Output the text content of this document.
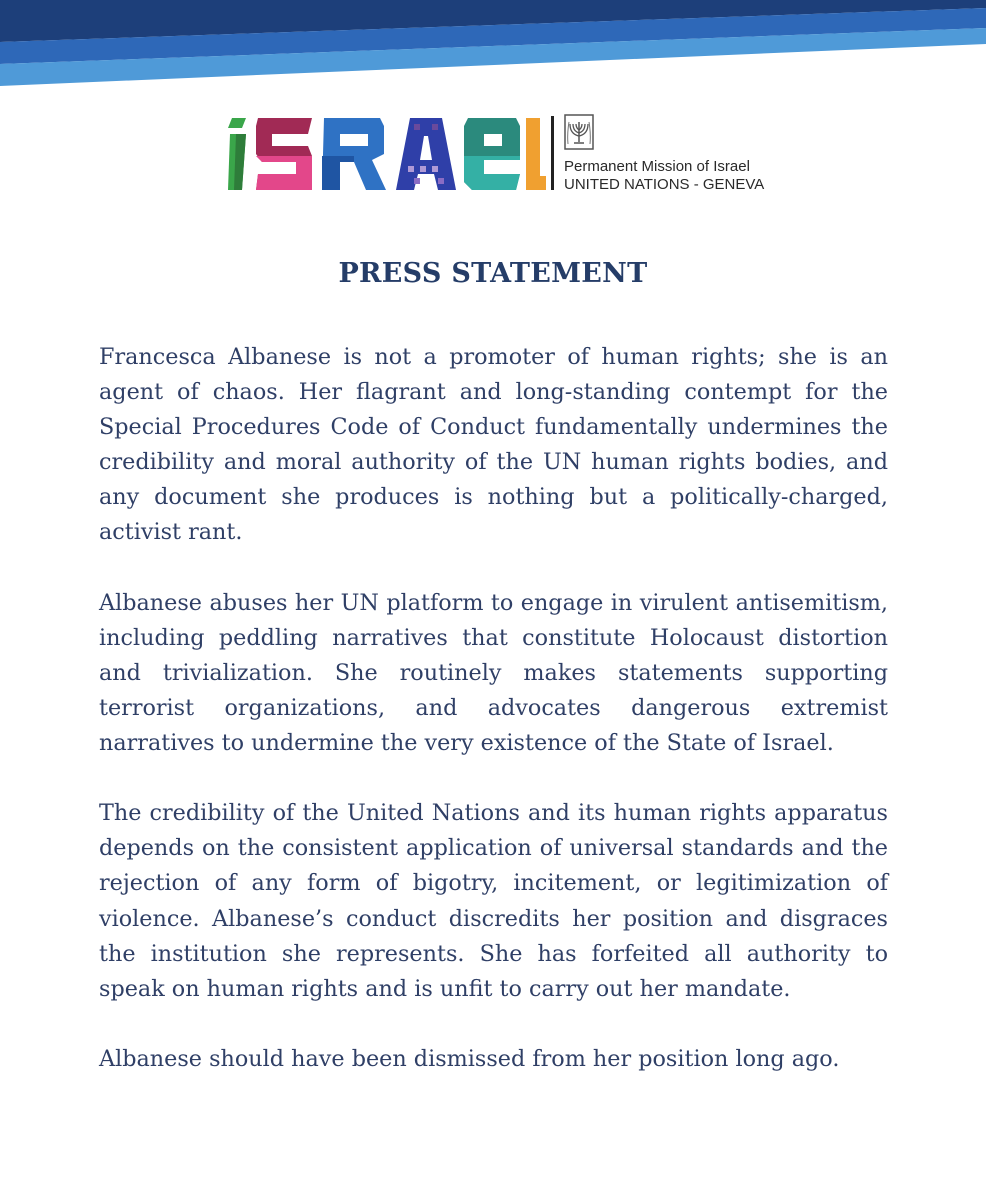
Permanent Mission of Israel
UNITED NATIONS - GENEVA
PRESS STATEMENT

Francesca Albanese is not a promoter of human rights; she is an agent of chaos. Her flagrant and long-standing contempt for the Special Procedures Code of Conduct fundamentally undermines the credibility and moral authority of the UN human rights bodies, and any document she produces is nothing but a politically-charged, activist rant.

Albanese abuses her UN platform to engage in virulent antisemitism, including peddling narratives that constitute Holocaust distortion and trivialization. She routinely makes statements supporting terrorist organizations, and advocates dangerous extremist narratives to undermine the very existence of the State of Israel.

The credibility of the United Nations and its human rights apparatus depends on the consistent application of universal standards and the rejection of any form of bigotry, incitement, or legitimization of violence. Albanese’s conduct discredits her position and disgraces the institution she represents. She has forfeited all authority to speak on human rights and is unfit to carry out her mandate.

Albanese should have been dismissed from her position long ago.
